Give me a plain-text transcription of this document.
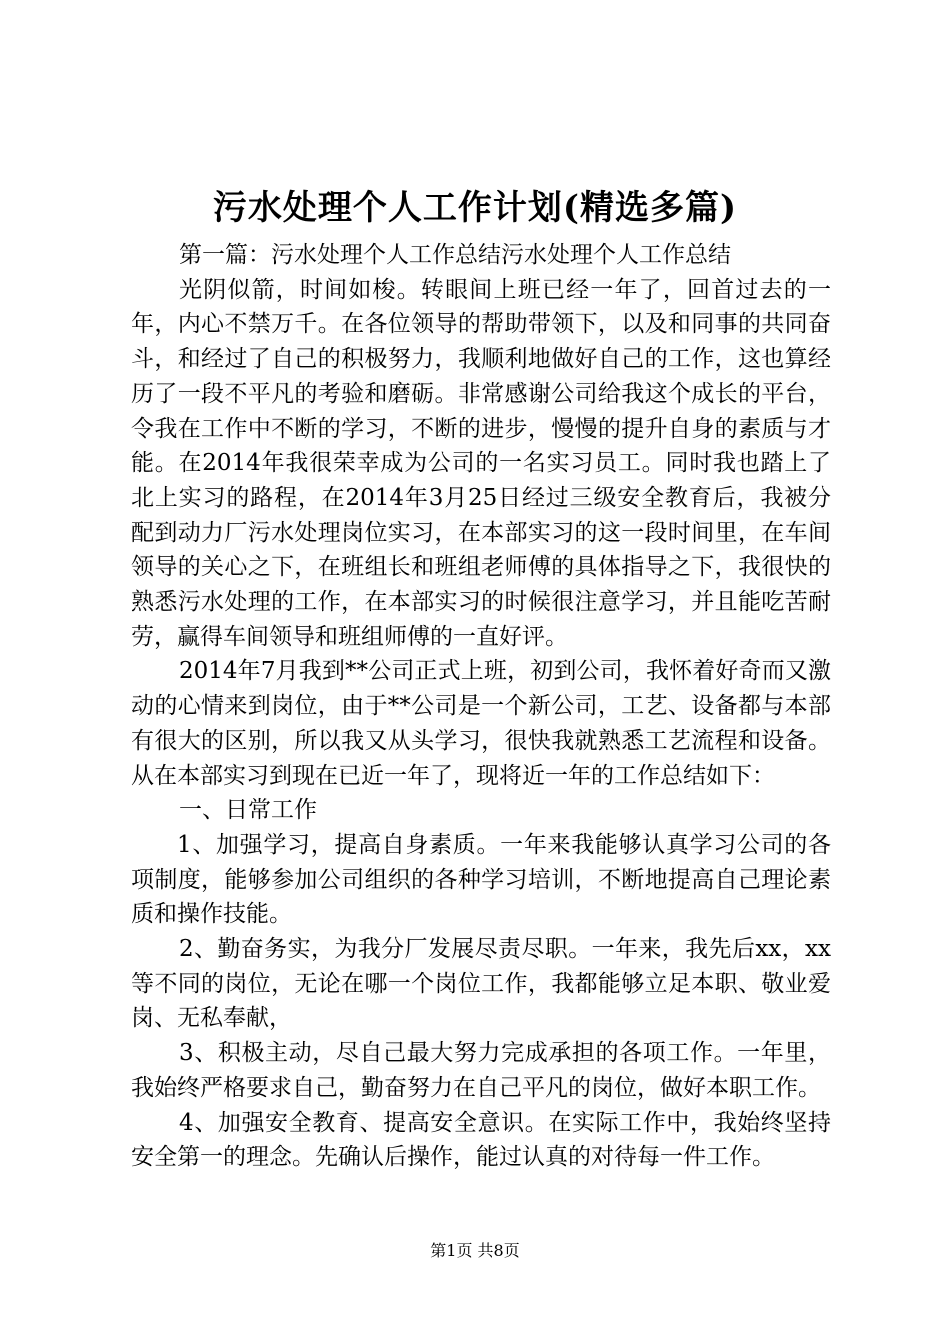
污水处理个人工作计划(精选多篇)

第一篇：污水处理个人工作总结污水处理个人工作总结

光阴似箭，时间如梭。转眼间上班已经一年了，回首过去的一年，内心不禁万千。在各位领导的帮助带领下，以及和同事的共同奋斗，和经过了自己的积极努力，我顺利地做好自己的工作，这也算经历了一段不平凡的考验和磨砺。非常感谢公司给我这个成长的平台，令我在工作中不断的学习，不断的进步，慢慢的提升自身的素质与才能。在2014年我很荣幸成为公司的一名实习员工。同时我也踏上了北上实习的路程，在2014年3月25日经过三级安全教育后，我被分配到动力厂污水处理岗位实习，在本部实习的这一段时间里，在车间领导的关心之下，在班组长和班组老师傅的具体指导之下，我很快的熟悉污水处理的工作，在本部实习的时候很注意学习，并且能吃苦耐劳，赢得车间领导和班组师傅的一直好评。

2014年7月我到**公司正式上班，初到公司，我怀着好奇而又激动的心情来到岗位，由于**公司是一个新公司，工艺、设备都与本部有很大的区别，所以我又从头学习，很快我就熟悉工艺流程和设备。从在本部实习到现在已近一年了，现将近一年的工作总结如下：

一、日常工作

1、加强学习，提高自身素质。一年来我能够认真学习公司的各项制度，能够参加公司组织的各种学习培训，不断地提高自己理论素质和操作技能。

2、勤奋务实，为我分厂发展尽责尽职。一年来，我先后xx，xx等不同的岗位，无论在哪一个岗位工作，我都能够立足本职、敬业爱岗、无私奉献，

3、积极主动，尽自己最大努力完成承担的各项工作。一年里，我始终严格要求自己，勤奋努力在自己平凡的岗位，做好本职工作。

4、加强安全教育、提高安全意识。在实际工作中，我始终坚持安全第一的理念。先确认后操作，能过认真的对待每一件工作。

第1页 共8页
